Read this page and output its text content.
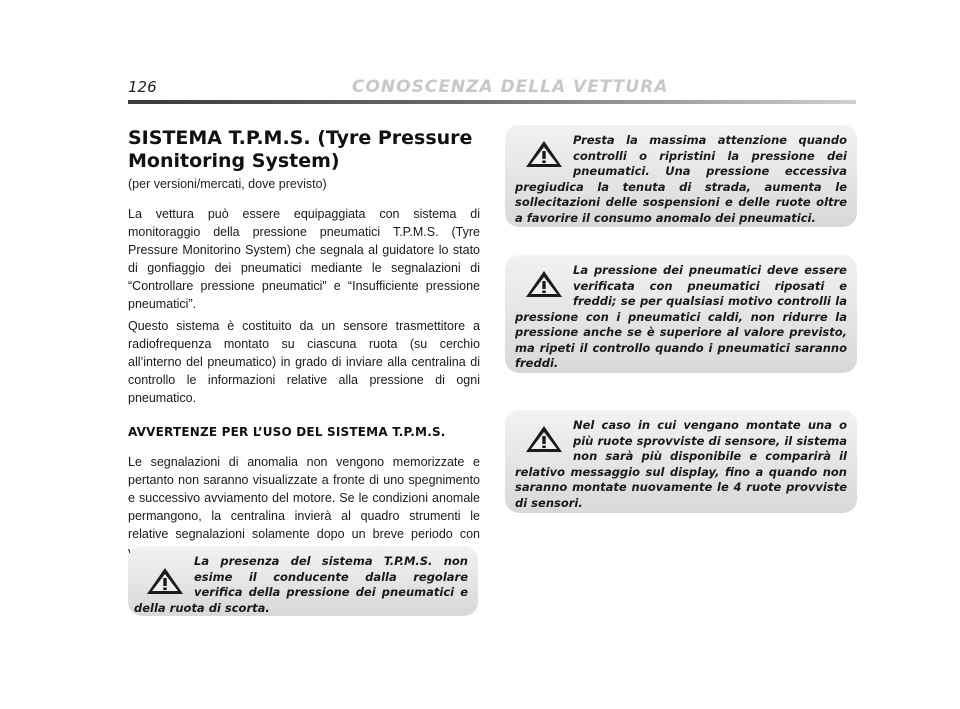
126	CONOSCENZA DELLA VETTURA
SISTEMA T.P.M.S. (Tyre Pressure Monitoring System)

(per versioni/mercati, dove previsto)

La vettura può essere equipaggiata con sistema di monitoraggio della pressione pneumatici T.P.M.S. (Tyre Pressure Monitorino System) che segnala al guidatore lo stato di gonfiaggio dei pneumatici mediante le segnalazioni di “Controllare pressione pneumatici” e “Insufficiente pressione pneumatici”.

Questo sistema è costituito da un sensore trasmettitore a radiofrequenza montato su ciascuna ruota (su cerchio all’interno del pneumatico) in grado di inviare alla centralina di controllo le informazioni relative alla pressione di ogni pneumatico.

AVVERTENZE PER L’USO DEL SISTEMA T.P.M.S.

Le segnalazioni di anomalia non vengono memorizzate e pertanto non saranno visualizzate a fronte di uno spegnimento e successivo avviamento del motore. Se le condizioni anomale permangono, la centralina invierà al quadro strumenti le relative segnalazioni solamente dopo un breve periodo con

La presenza del sistema T.P.M.S. non esime il conducente dalla regolare verifica della pressione dei pneumatici e della ruota di scorta.

Presta la massima attenzione quando controlli o ripristini la pressione dei pneumatici. Una pressione eccessiva pregiudica la tenuta di strada, aumenta le sollecitazioni delle sospensioni e delle ruote oltre a favorire il consumo anomalo dei pneumatici.

La pressione dei pneumatici deve essere verificata con pneumatici riposati e freddi; se per qualsiasi motivo controlli la pressione con i pneumatici caldi, non ridurre la pressione anche se è superiore al valore previsto, ma ripeti il controllo quando i pneumatici saranno freddi.

Nel caso in cui vengano montate una o più ruote sprovviste di sensore, il sistema non sarà più disponibile e comparirà il relativo messaggio sul display, fino a quando non saranno montate nuovamente le 4 ruote provviste di sensori.
